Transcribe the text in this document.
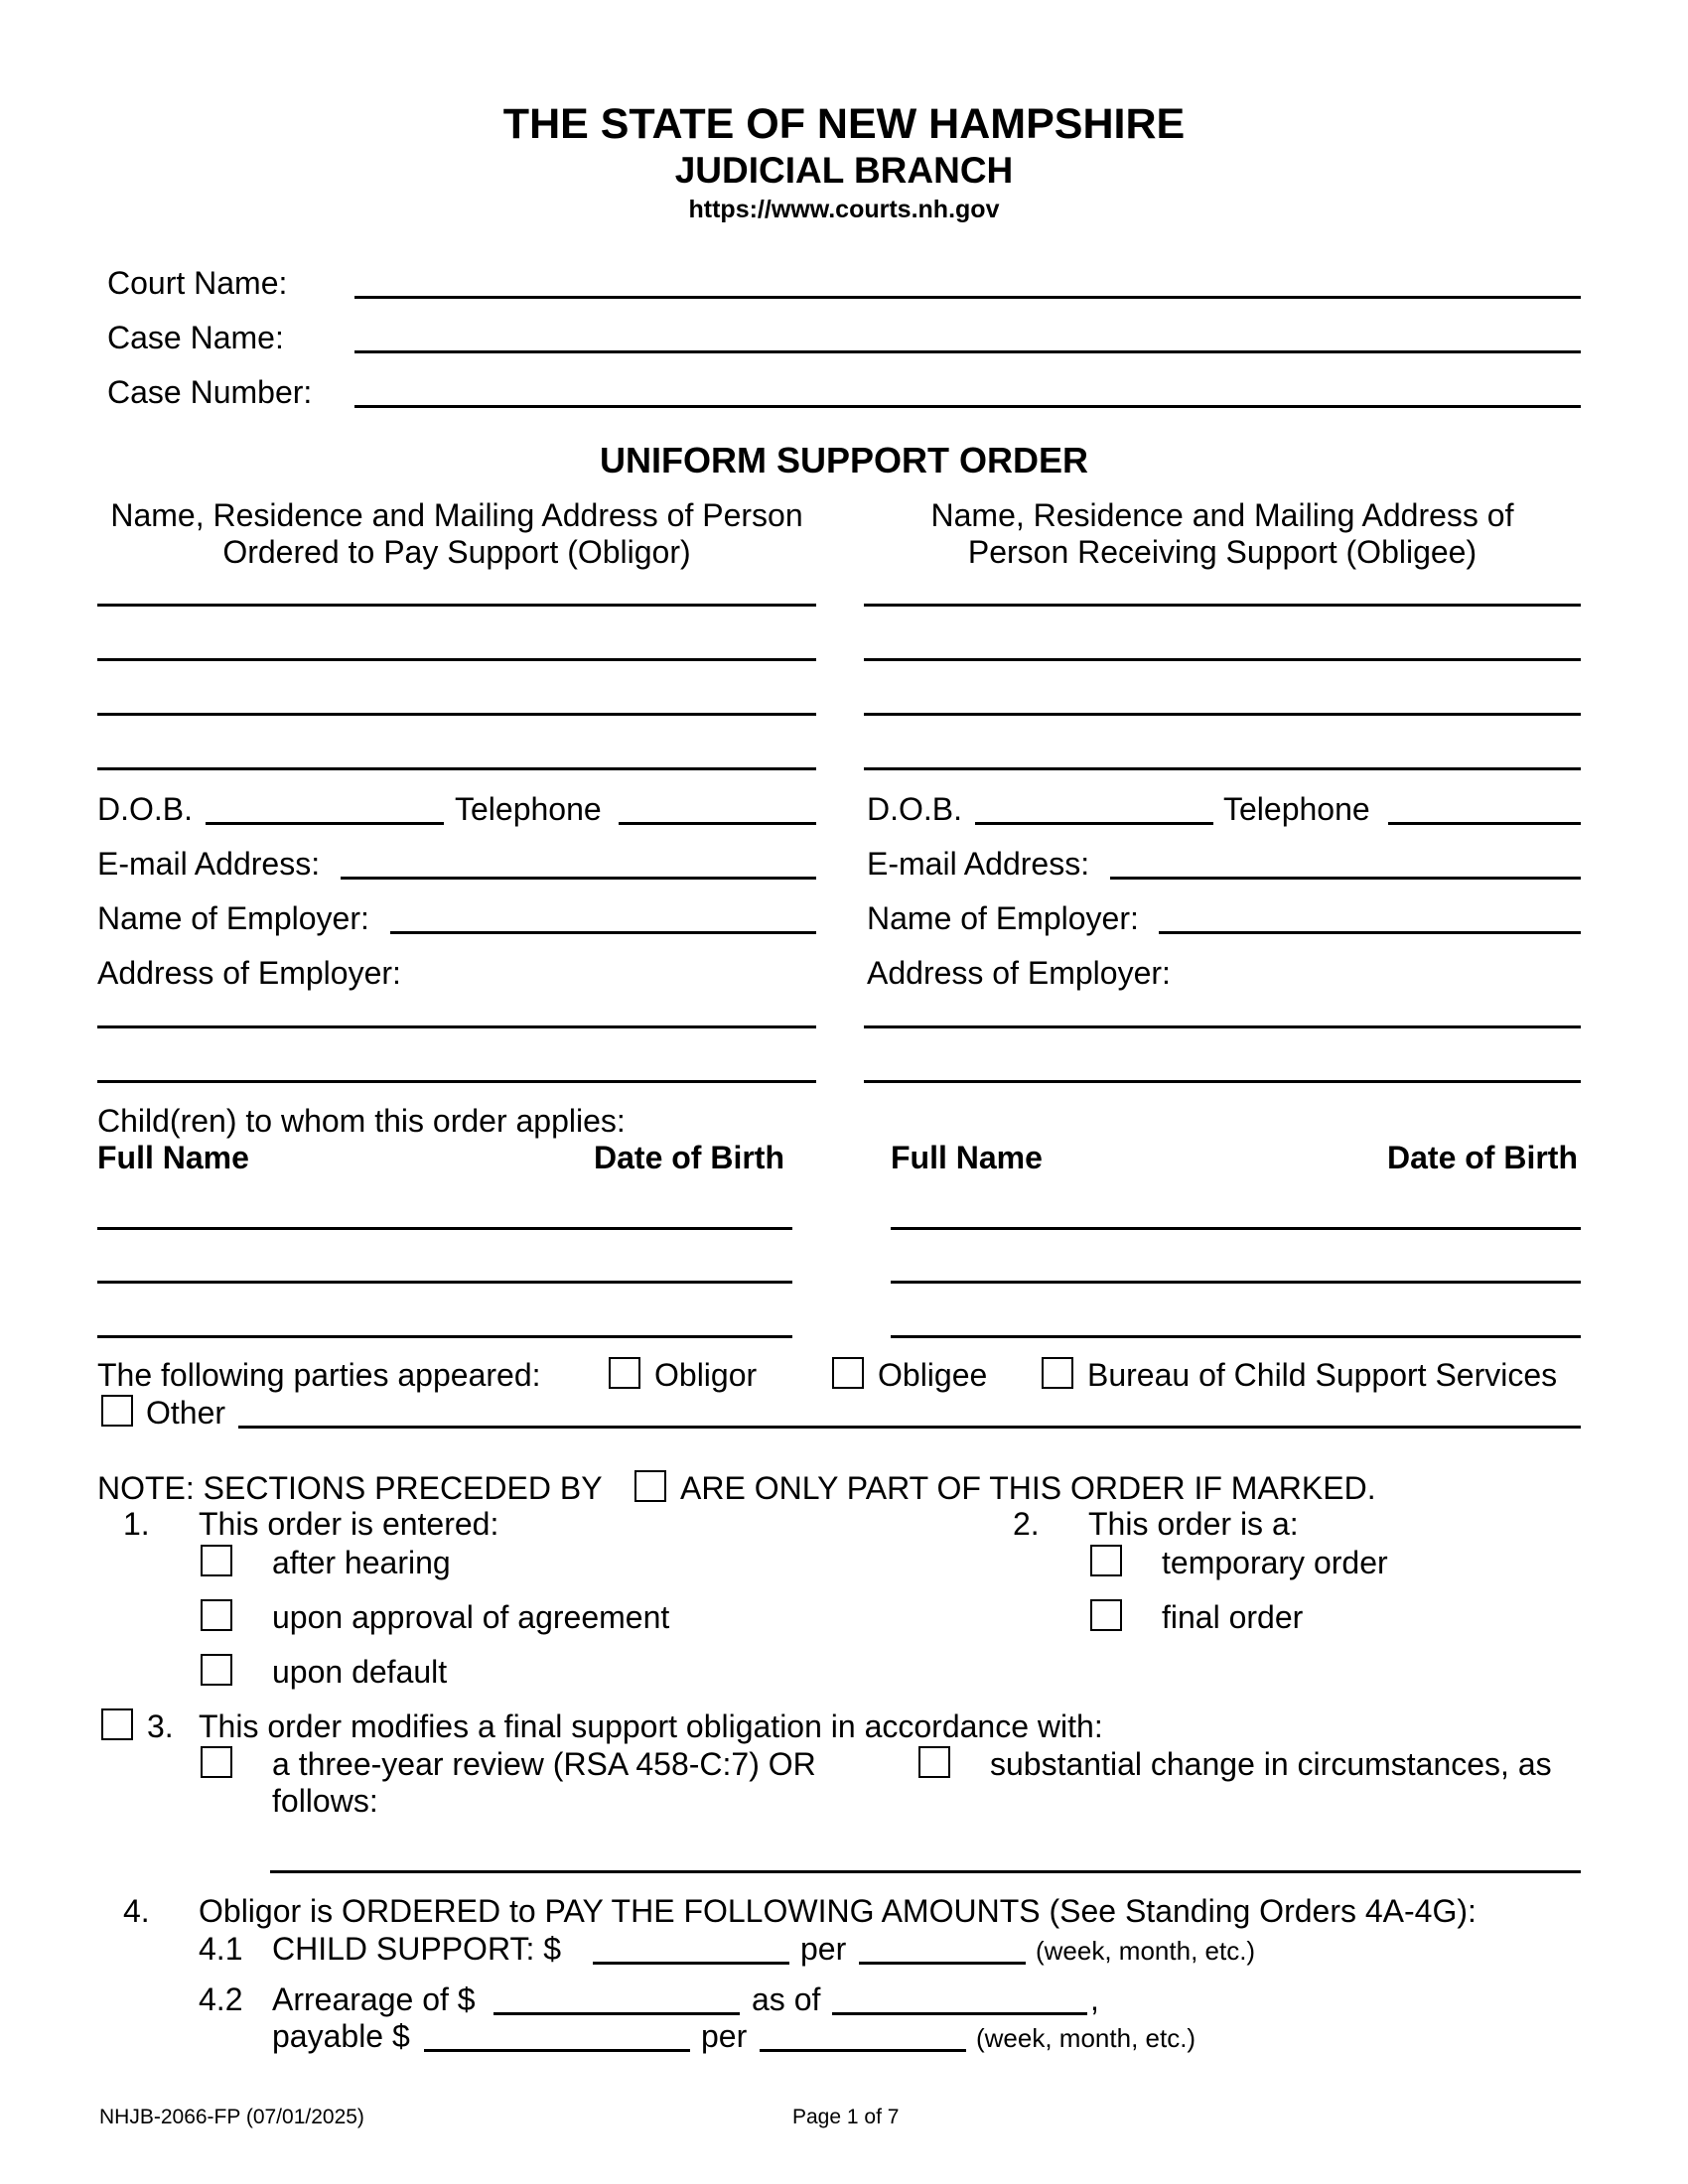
THE STATE OF NEW HAMPSHIRE
JUDICIAL BRANCH
https://www.courts.nh.gov
Court Name:
Case Name:
Case Number:
UNIFORM SUPPORT ORDER
Name, Residence and Mailing Address of Person
Ordered to Pay Support (Obligor)
Name, Residence and Mailing Address of
Person Receiving Support (Obligee)
D.O.B.	Telephone
E-mail Address:
Name of Employer:
Address of Employer:
D.O.B.	Telephone
E-mail Address:
Name of Employer:
Address of Employer:
Child(ren) to whom this order applies:
Full Name	Date of Birth	Full Name	Date of Birth
The following parties appeared:	Obligor	Obligee	Bureau of Child Support Services
Other
NOTE: SECTIONS PRECEDED BY ARE ONLY PART OF THIS ORDER IF MARKED.
1. This order is entered:
after hearing
upon approval of agreement
upon default
2. This order is a:
temporary order
final order
3. This order modifies a final support obligation in accordance with:
a three-year review (RSA 458-C:7) OR	substantial change in circumstances, as
follows:
4. Obligor is ORDERED to PAY THE FOLLOWING AMOUNTS (See Standing Orders 4A-4G):
4.1 CHILD SUPPORT: $	per	(week, month, etc.)
4.2 Arrearage of $	as of	,
payable $	per	(week, month, etc.)
NHJB-2066-FP (07/01/2025)	Page 1 of 7
